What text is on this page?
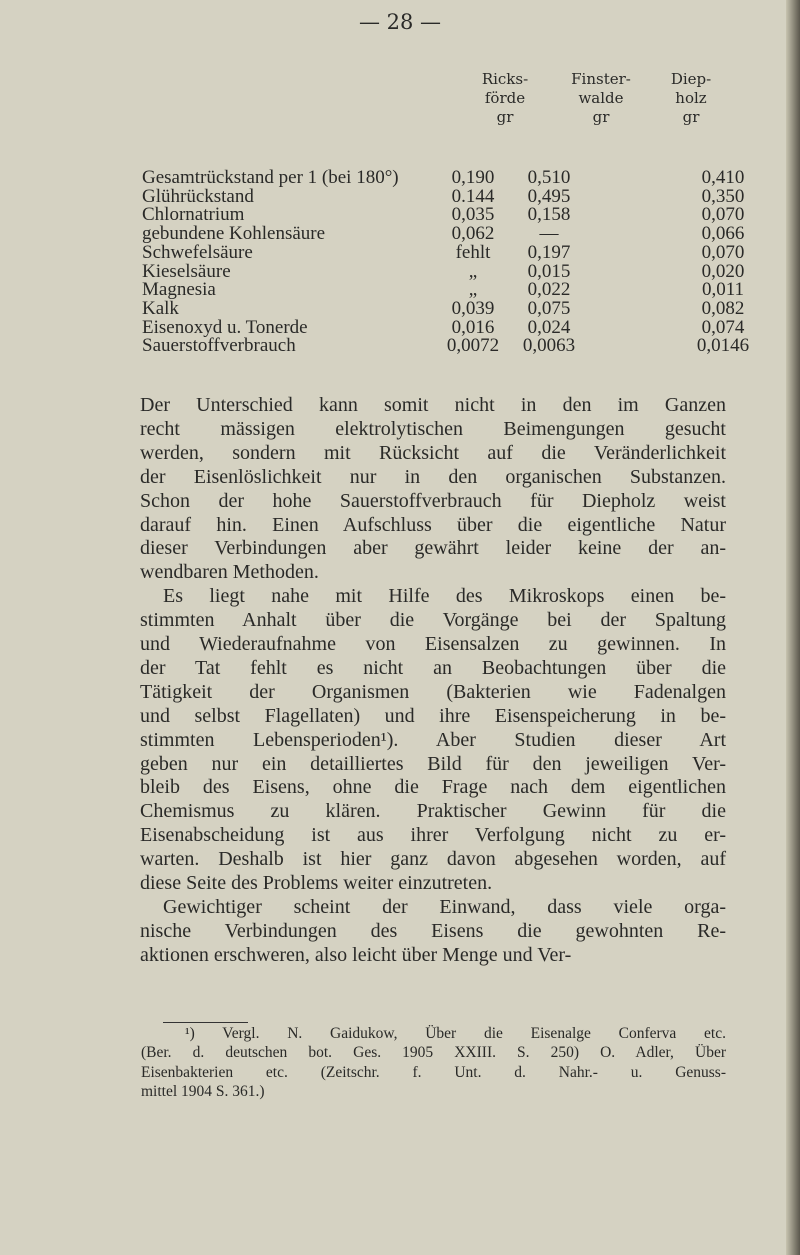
— 28 —
Ricks-
förde
gr
Finster-
walde
gr
Diep-
holz
gr
Gesamtrückstand per 1 (bei 180°)	0,190	0,510	0,410
Glührückstand	0.144	0,495	0,350
Chlornatrium	0,035	0,158	0,070
gebundene Kohlensäure	0,062	—	0,066
Schwefelsäure	fehlt	0,197	0,070
Kieselsäure	„	0,015	0,020
Magnesia	„	0,022	0,011
Kalk	0,039	0,075	0,082
Eisenoxyd u. Tonerde	0,016	0,024	0,074
Sauerstoffverbrauch	0,0072	0,0063	0,0146
Der Unterschied kann somit nicht in den im Ganzen
recht mässigen elektrolytischen Beimengungen gesucht
werden, sondern mit Rücksicht auf die Veränderlichkeit
der Eisenlöslichkeit nur in den organischen Substanzen.
Schon der hohe Sauerstoffverbrauch für Diepholz weist
darauf hin. Einen Aufschluss über die eigentliche Natur
dieser Verbindungen aber gewährt leider keine der an-
wendbaren Methoden.
Es liegt nahe mit Hilfe des Mikroskops einen be-
stimmten Anhalt über die Vorgänge bei der Spaltung
und Wiederaufnahme von Eisensalzen zu gewinnen. In
der Tat fehlt es nicht an Beobachtungen über die
Tätigkeit der Organismen (Bakterien wie Fadenalgen
und selbst Flagellaten) und ihre Eisenspeicherung in be-
stimmten Lebensperioden¹). Aber Studien dieser Art
geben nur ein detailliertes Bild für den jeweiligen Ver-
bleib des Eisens, ohne die Frage nach dem eigentlichen
Chemismus zu klären. Praktischer Gewinn für die
Eisenabscheidung ist aus ihrer Verfolgung nicht zu er-
warten. Deshalb ist hier ganz davon abgesehen worden, auf
diese Seite des Problems weiter einzutreten.
Gewichtiger scheint der Einwand, dass viele orga-
nische Verbindungen des Eisens die gewohnten Re-
aktionen erschweren, also leicht über Menge und Ver-
¹) Vergl. N. Gaidukow, Über die Eisenalge Conferva etc.
(Ber. d. deutschen bot. Ges. 1905 XXIII. S. 250) O. Adler, Über
Eisenbakterien etc. (Zeitschr. f. Unt. d. Nahr.- u. Genuss-
mittel 1904 S. 361.)
